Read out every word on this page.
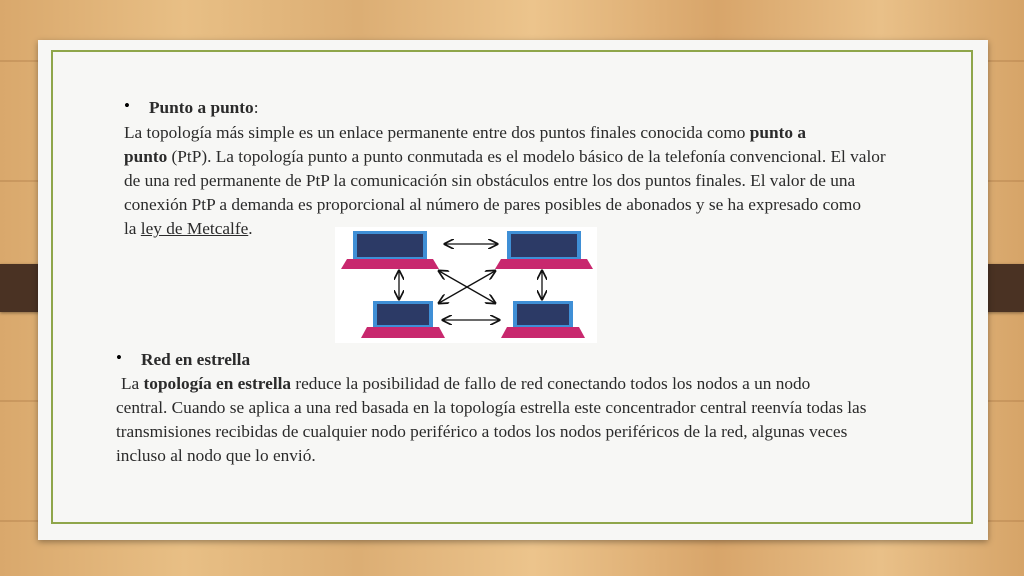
• Punto a punto:
La topología más simple es un enlace permanente entre dos puntos finales conocida como punto a
punto (PtP). La topología punto a punto conmutada es el modelo básico de la telefonía convencional. El valor
de una red permanente de PtP la comunicación sin obstáculos entre los dos puntos finales. El valor de una
conexión PtP a demanda es proporcional al número de pares posibles de abonados y se ha expresado como
la ley de Metcalfe.
• Red en estrella
La topología en estrella reduce la posibilidad de fallo de red conectando todos los nodos a un nodo
central. Cuando se aplica a una red basada en la topología estrella este concentrador central reenvía todas las
transmisiones recibidas de cualquier nodo periférico a todos los nodos periféricos de la red, algunas veces
incluso al nodo que lo envió.
